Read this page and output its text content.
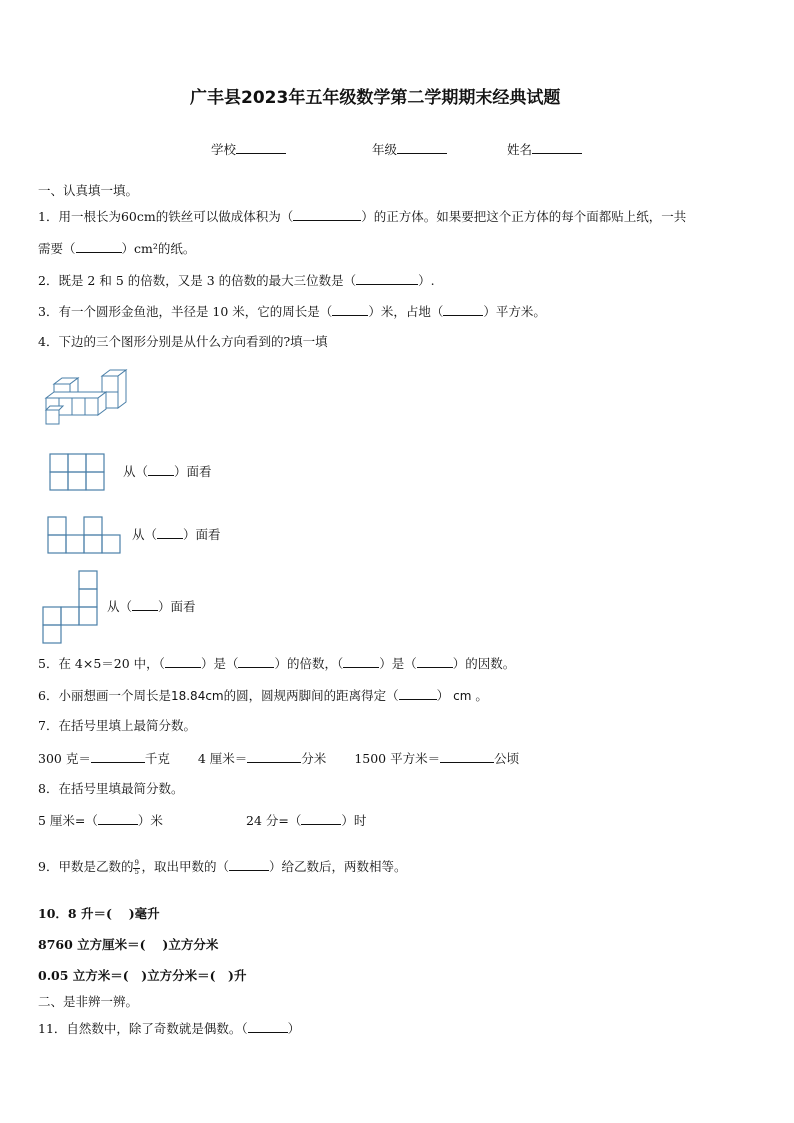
广丰县2023年五年级数学第二学期期末经典试题
学校	年级	姓名
一、认真填一填。
1．用一根长为60cm的铁丝可以做成体积为（	）的正方体。如果要把这个正方体的每个面都贴上纸，一共
需要（	）cm²的纸。
2．既是 2 和 5 的倍数，又是 3 的倍数的最大三位数是（	）.
3．有一个圆形金鱼池，半径是 10 米，它的周长是（	）米，占地（	）平方米。
4．下边的三个图形分别是从什么方向看到的?填一填
从（ ）面看
从（ ）面看
从（ ）面看
5．在 4×5＝20 中，（	）是（	）的倍数，（	）是（	）的因数。
6．小丽想画一个周长是18.84cm的圆，圆规两脚间的距离得定（	） cm 。
7．在括号里填上最简分数。
300 克＝	千克 4 厘米＝	分米 1500 平方米＝	公顷
8．在括号里填最简分数。
5 厘米=（	）米	24 分=（	）时
9．甲数是乙数的 $\frac{9}{5}$ ，取出甲数的（	）给乙数后，两数相等。
10．8 升＝(　 )毫升
8760 立方厘米＝(　 )立方分米
0.05 立方米＝(　)立方分米＝(　)升
二、是非辨一辨。
11．自然数中，除了奇数就是偶数。（	）
